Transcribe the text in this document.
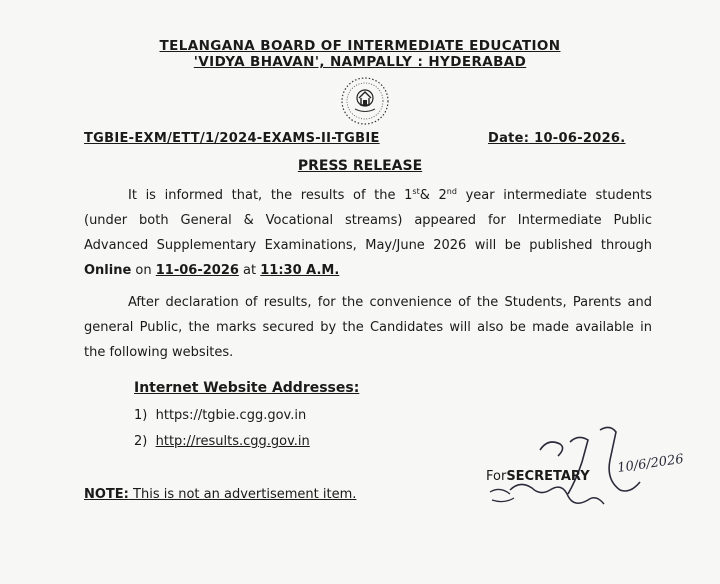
TELANGANA BOARD OF INTERMEDIATE EDUCATION
'VIDYA BHAVAN', NAMPALLY : HYDERABAD
TGBIE-EXM/ETT/1/2024-EXAMS-II-TGBIE	Date: 10-06-2026.
PRESS RELEASE
It is informed that, the results of the 1st& 2nd year intermediate students
(under both General & Vocational streams) appeared for Intermediate Public
Advanced Supplementary Examinations, May/June 2026 will be published through
Online on 11-06-2026 at 11:30 A.M.
After declaration of results, for the convenience of the Students, Parents and
general Public, the marks secured by the Candidates will also be made available in
the following websites.
Internet Website Addresses:
1) https://tgbie.cgg.gov.in
2) http://results.cgg.gov.in
10/6/2026
ForSECRETARY
NOTE: This is not an advertisement item.
